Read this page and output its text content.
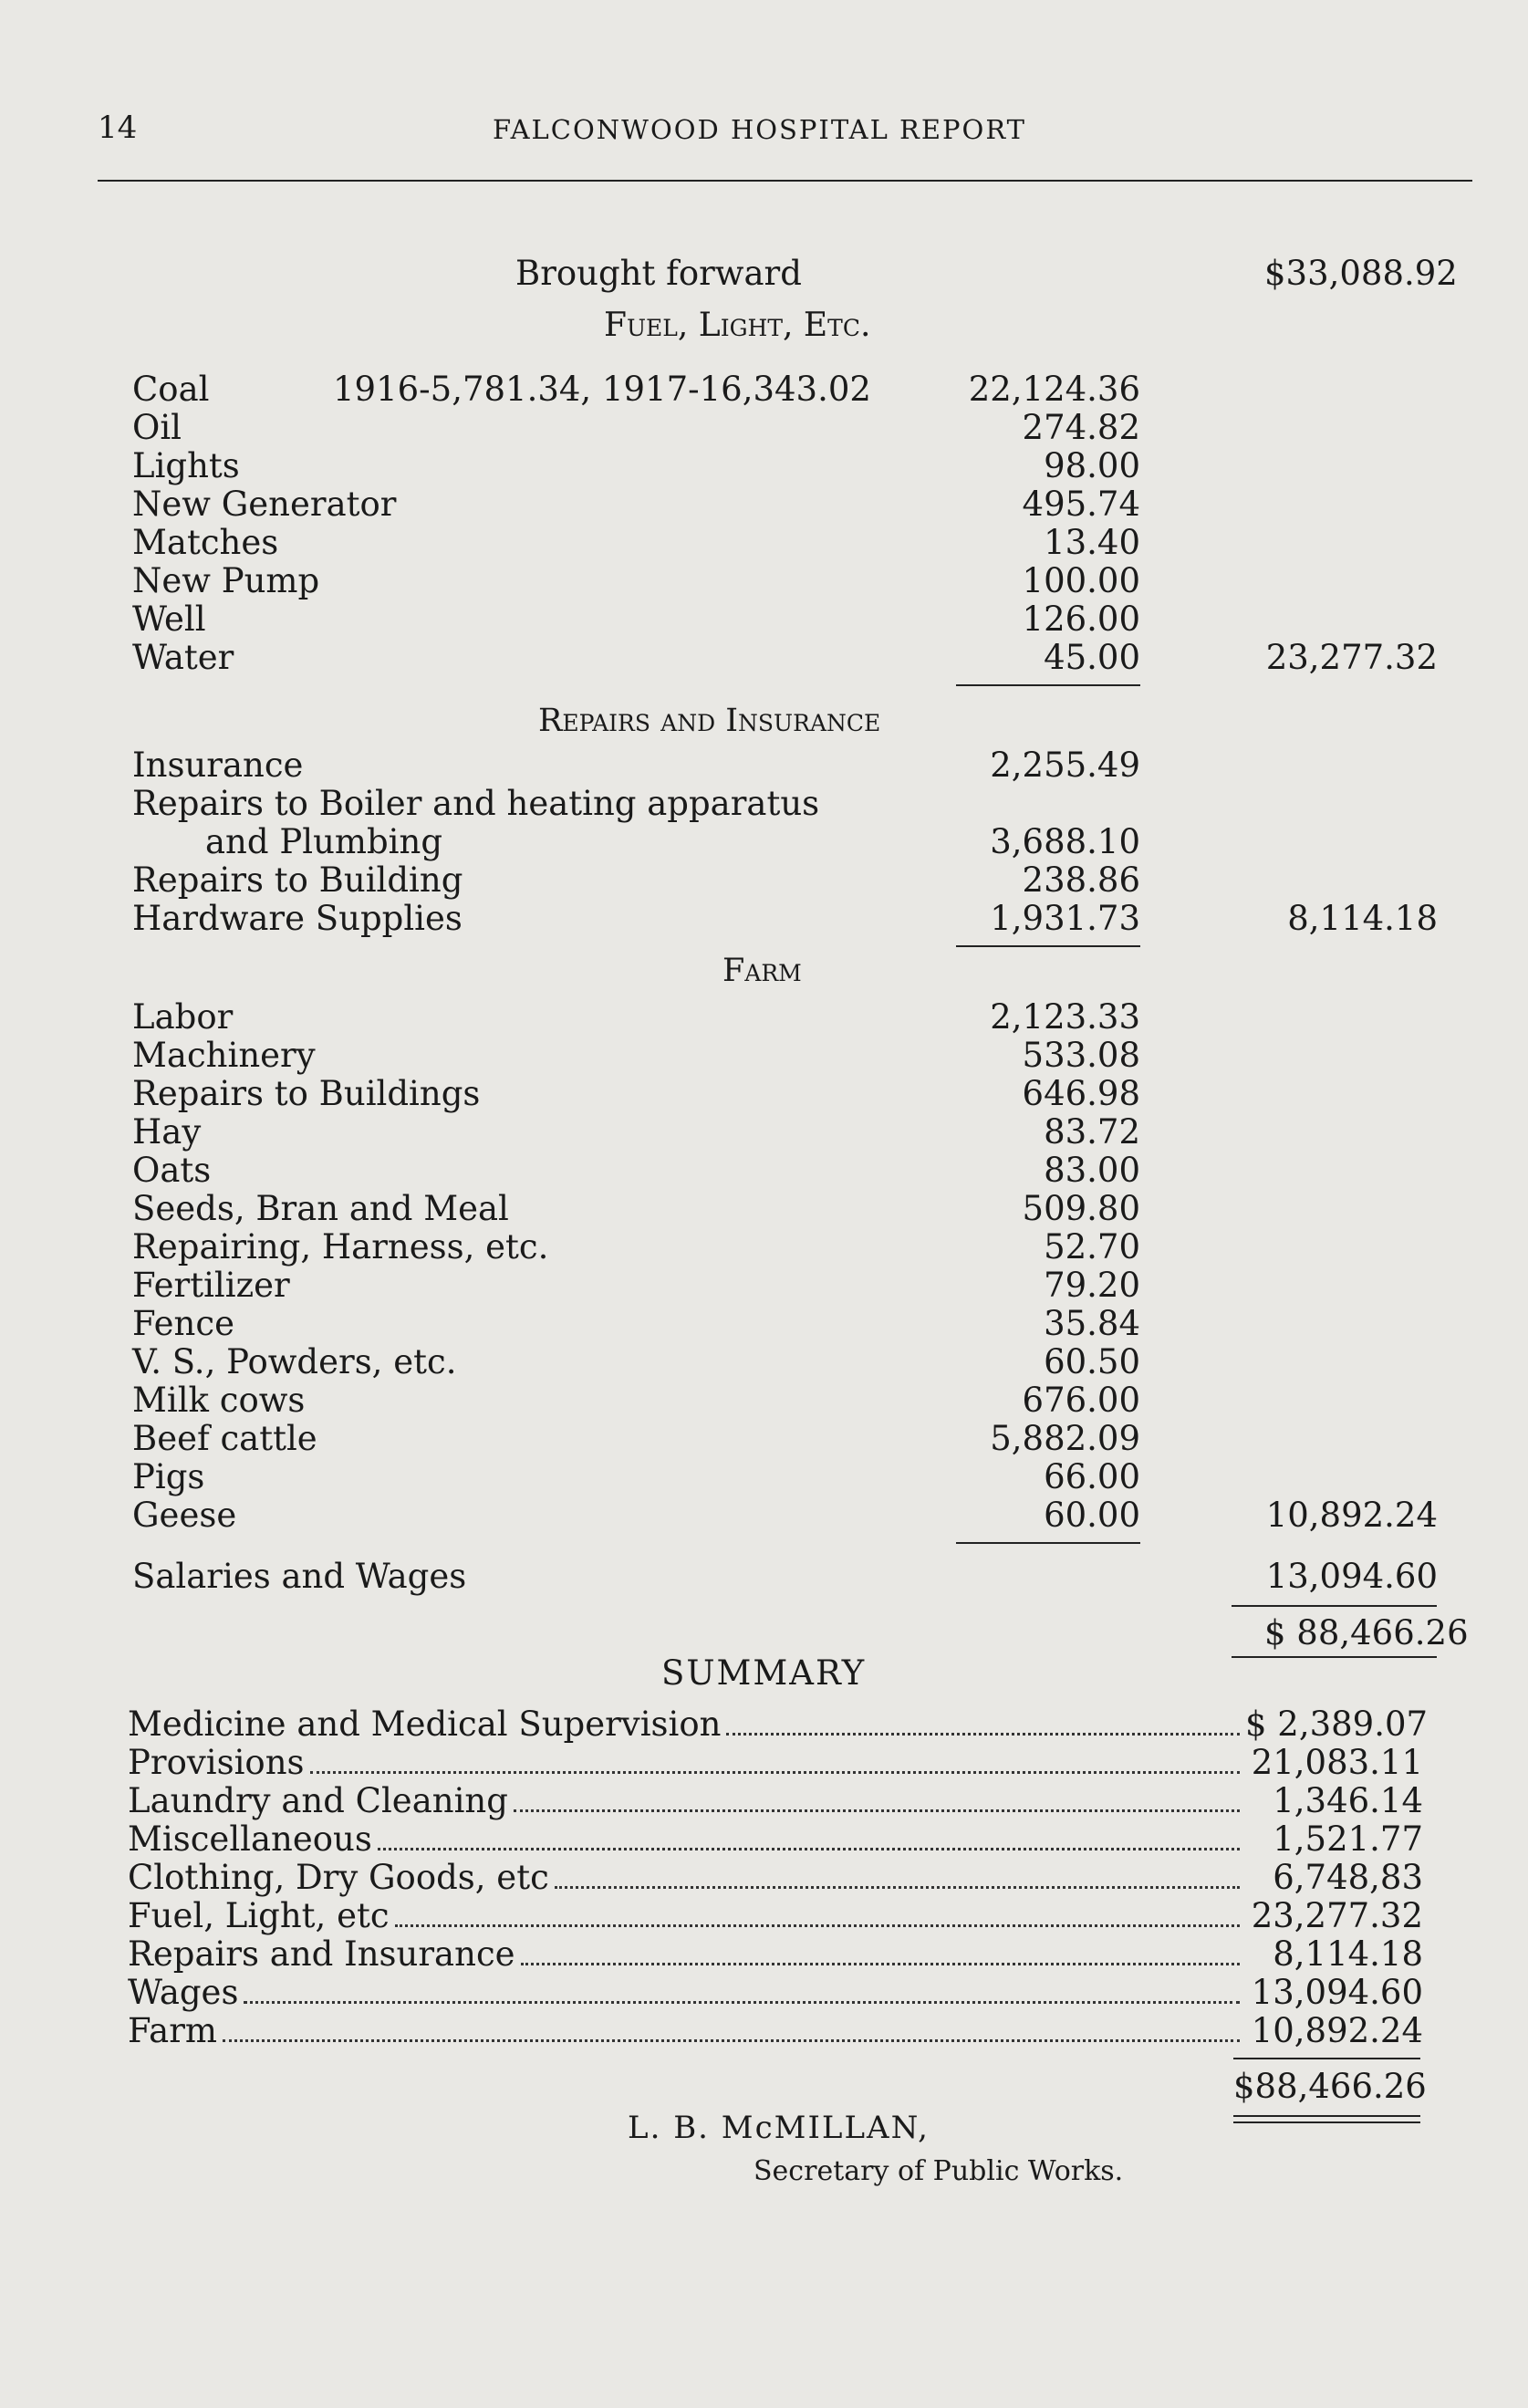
14	FALCONWOOD HOSPITAL REPORT
Brought forward	$33,088.92
Fuel, Light, Etc.
Coal	1916-5,781.34, 1917-16,343.02	22,124.36
Oil	274.82
Lights	98.00
New Generator	495.74
Matches	13.40
New Pump	100.00
Well	126.00
Water	45.00	23,277.32
Repairs and Insurance
Insurance	2,255.49
Repairs to Boiler and heating apparatus
and Plumbing	3,688.10
Repairs to Building	238.86
Hardware Supplies	1,931.73	8,114.18
Farm
Labor	2,123.33
Machinery	533.08
Repairs to Buildings	646.98
Hay	83.72
Oats	83.00
Seeds, Bran and Meal	509.80
Repairing, Harness, etc.	52.70
Fertilizer	79.20
Fence	35.84
V. S., Powders, etc.	60.50
Milk cows	676.00
Beef cattle	5,882.09
Pigs	66.00
Geese	60.00	10,892.24
Salaries and Wages	13,094.60
$ 88,466.26
SUMMARY
Medicine and Medical Supervision	$ 2,389.07
Provisions	21,083.11
Laundry and Cleaning	1,346.14
Miscellaneous	1,521.77
Clothing, Dry Goods, etc	6,748,83
Fuel, Light, etc	23,277.32
Repairs and Insurance	8,114.18
Wages	13,094.60
Farm	10,892.24
$88,466.26
L. B. McMILLAN,
Secretary of Public Works.
